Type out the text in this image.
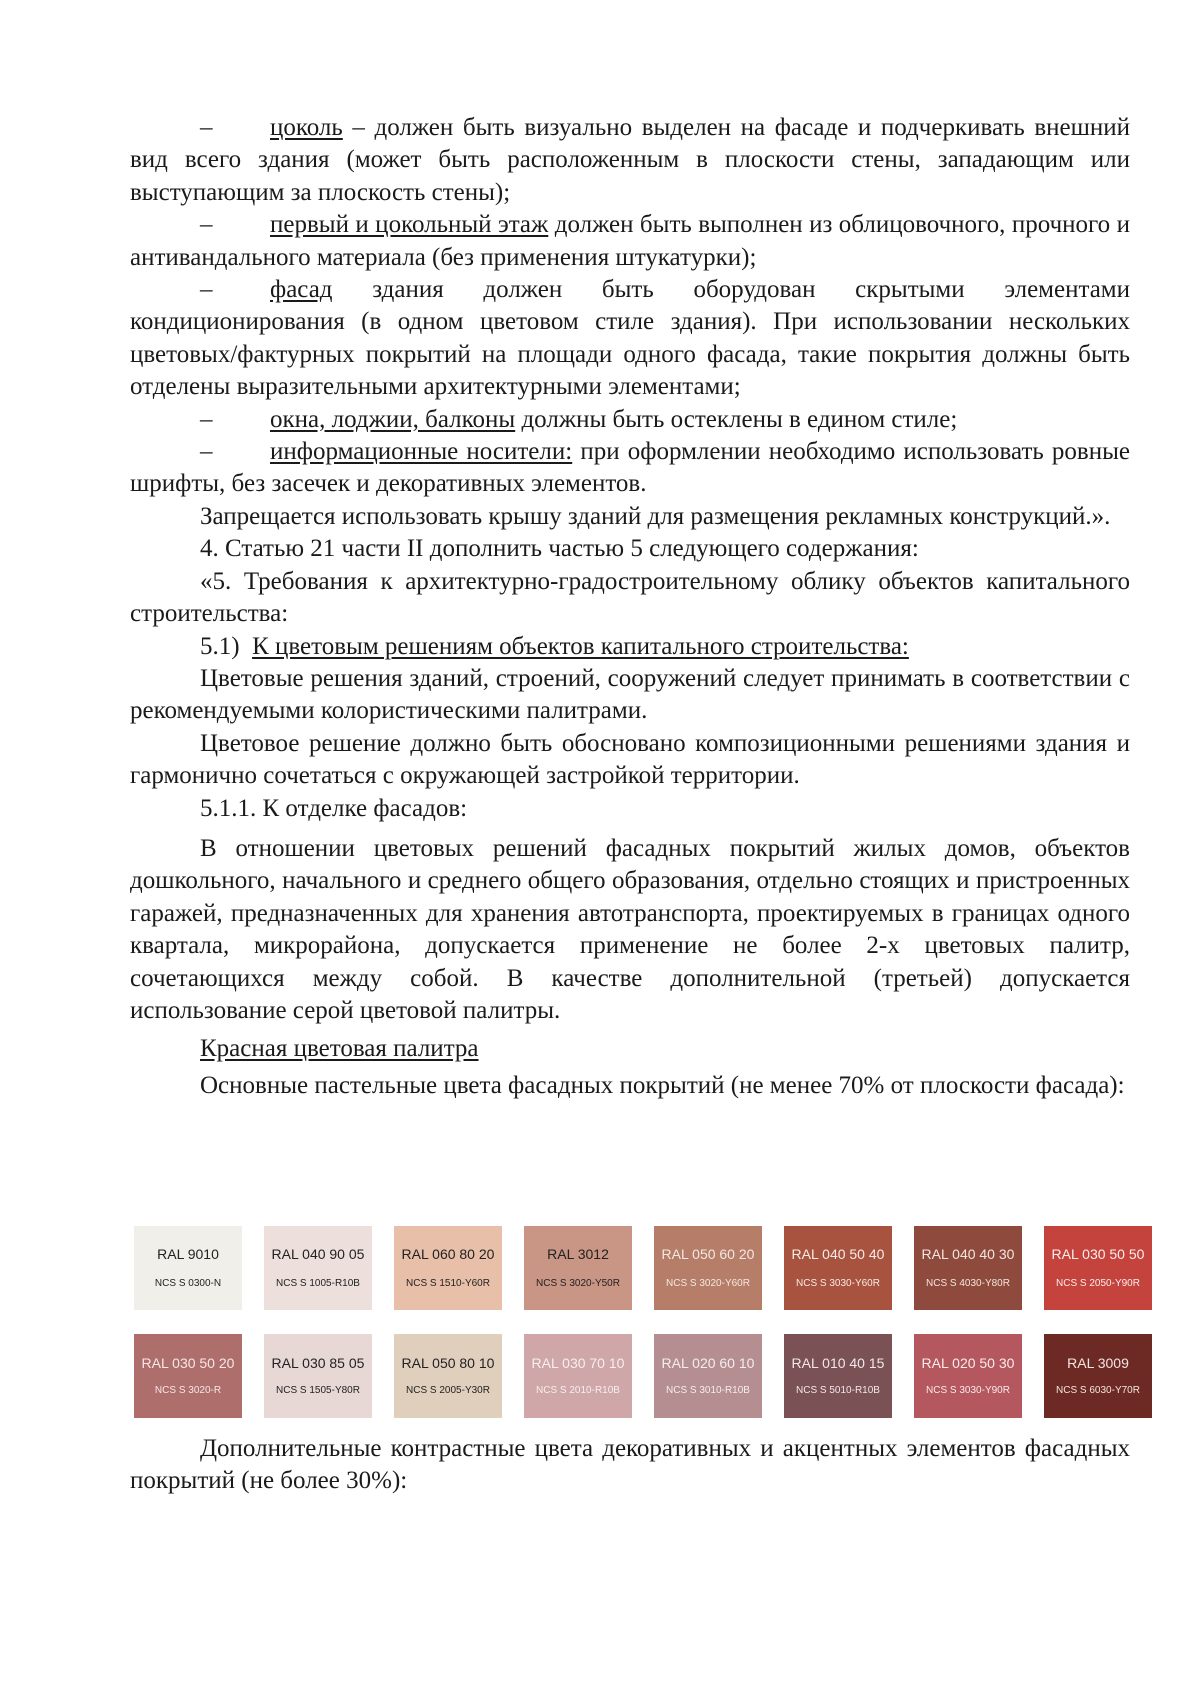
– цоколь – должен быть визуально выделен на фасаде и подчеркивать внешний вид всего здания (может быть расположенным в плоскости стены, западающим или выступающим за плоскость стены);

– первый и цокольный этаж должен быть выполнен из облицовочного, прочного и антивандального материала (без применения штукатурки);

– фасад здания должен быть оборудован скрытыми элементами кондиционирования (в одном цветовом стиле здания). При использовании нескольких цветовых/фактурных покрытий на площади одного фасада, такие покрытия должны быть отделены выразительными архитектурными элементами;

– окна, лоджии, балконы должны быть остеклены в едином стиле;

– информационные носители: при оформлении необходимо использовать ровные шрифты, без засечек и декоративных элементов.

Запрещается использовать крышу зданий для размещения рекламных конструкций.».

4. Статью 21 части II дополнить частью 5 следующего содержания:

«5. Требования к архитектурно-градостроительному облику объектов капитального строительства:

5.1) К цветовым решениям объектов капитального строительства:

Цветовые решения зданий, строений, сооружений следует принимать в соответствии с рекомендуемыми колористическими палитрами.

Цветовое решение должно быть обосновано композиционными решениями здания и гармонично сочетаться с окружающей застройкой территории.

5.1.1. К отделке фасадов:

В отношении цветовых решений фасадных покрытий жилых домов, объектов дошкольного, начального и среднего общего образования, отдельно стоящих и пристроенных гаражей, предназначенных для хранения автотранспорта, проектируемых в границах одного квартала, микрорайона, допускается применение не более 2-х цветовых палитр, сочетающихся между собой. В качестве дополнительной (третьей) допускается использование серой цветовой палитры.

Красная цветовая палитра

Основные пастельные цвета фасадных покрытий (не менее 70% от плоскости фасада):

RAL 9010
NCS S 0300-N
RAL 040 90 05
NCS S 1005-R10B
RAL 060 80 20
NCS S 1510-Y60R
RAL 3012
NCS S 3020-Y50R
RAL 050 60 20
NCS S 3020-Y60R
RAL 040 50 40
NCS S 3030-Y60R
RAL 040 40 30
NCS S 4030-Y80R
RAL 030 50 50
NCS S 2050-Y90R
RAL 030 50 20
NCS S 3020-R
RAL 030 85 05
NCS S 1505-Y80R
RAL 050 80 10
NCS S 2005-Y30R
RAL 030 70 10
NCS S 2010-R10B
RAL 020 60 10
NCS S 3010-R10B
RAL 010 40 15
NCS S 5010-R10B
RAL 020 50 30
NCS S 3030-Y90R
RAL 3009
NCS S 6030-Y70R

Дополнительные контрастные цвета декоративных и акцентных элементов фасадных покрытий (не более 30%):
